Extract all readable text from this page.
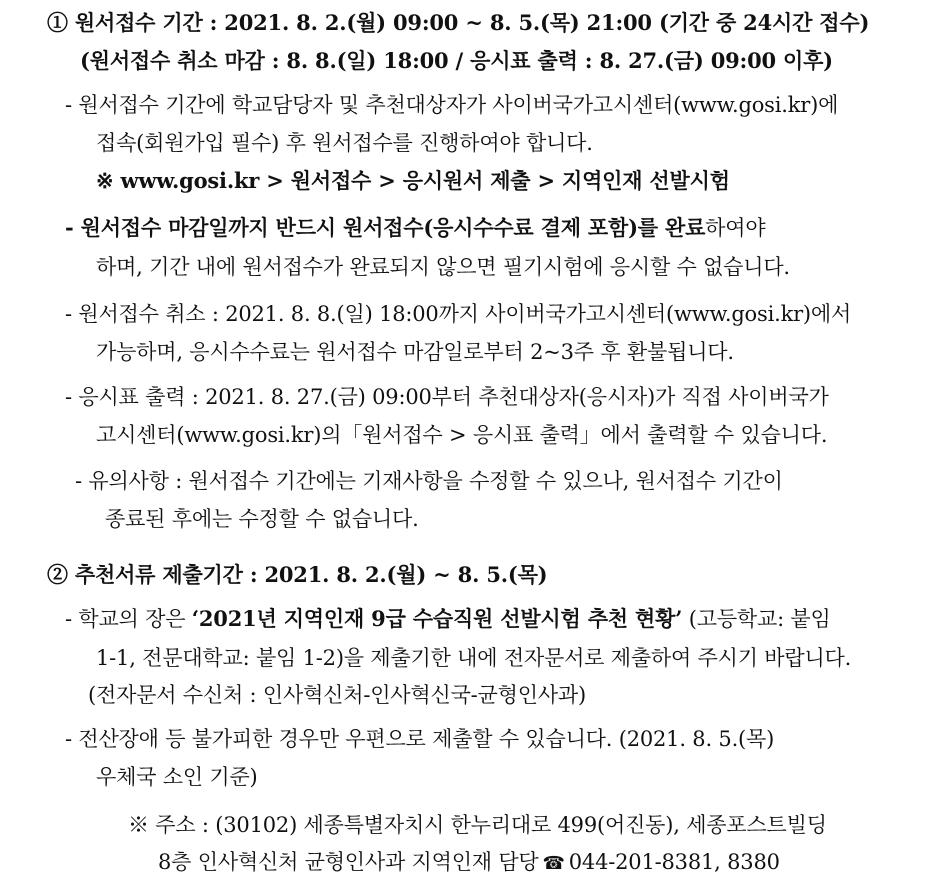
① 원서접수 기간 : 2021. 8. 2.(월) 09:00 ~ 8. 5.(목) 21:00 (기간 중 24시간 접수)
(원서접수 취소 마감 : 8. 8.(일) 18:00 / 응시표 출력 : 8. 27.(금) 09:00 이후)
- 원서접수 기간에 학교담당자 및 추천대상자가 사이버국가고시센터(www.gosi.kr)에
접속(회원가입 필수) 후 원서접수를 진행하여야 합니다.
※ www.gosi.kr > 원서접수 > 응시원서 제출 > 지역인재 선발시험
- 원서접수 마감일까지 반드시 원서접수(응시수수료 결제 포함)를 완료하여야
하며, 기간 내에 원서접수가 완료되지 않으면 필기시험에 응시할 수 없습니다.
- 원서접수 취소 : 2021. 8. 8.(일) 18:00까지 사이버국가고시센터(www.gosi.kr)에서
가능하며, 응시수수료는 원서접수 마감일로부터 2~3주 후 환불됩니다.
- 응시표 출력 : 2021. 8. 27.(금) 09:00부터 추천대상자(응시자)가 직접 사이버국가
고시센터(www.gosi.kr)의「원서접수 > 응시표 출력」에서 출력할 수 있습니다.
- 유의사항 : 원서접수 기간에는 기재사항을 수정할 수 있으나, 원서접수 기간이
종료된 후에는 수정할 수 없습니다.
② 추천서류 제출기간 : 2021. 8. 2.(월) ~ 8. 5.(목)
- 학교의 장은 ‘2021년 지역인재 9급 수습직원 선발시험 추천 현황’ (고등학교: 붙임
1-1, 전문대학교: 붙임 1-2)을 제출기한 내에 전자문서로 제출하여 주시기 바랍니다.
(전자문서 수신처 : 인사혁신처-인사혁신국-균형인사과)
- 전산장애 등 불가피한 경우만 우편으로 제출할 수 있습니다. (2021. 8. 5.(목)
우체국 소인 기준)
※ 주소 : (30102) 세종특별자치시 한누리대로 499(어진동), 세종포스트빌딩
8층 인사혁신처 균형인사과 지역인재 담당 ☎ 044-201-8381, 8380
